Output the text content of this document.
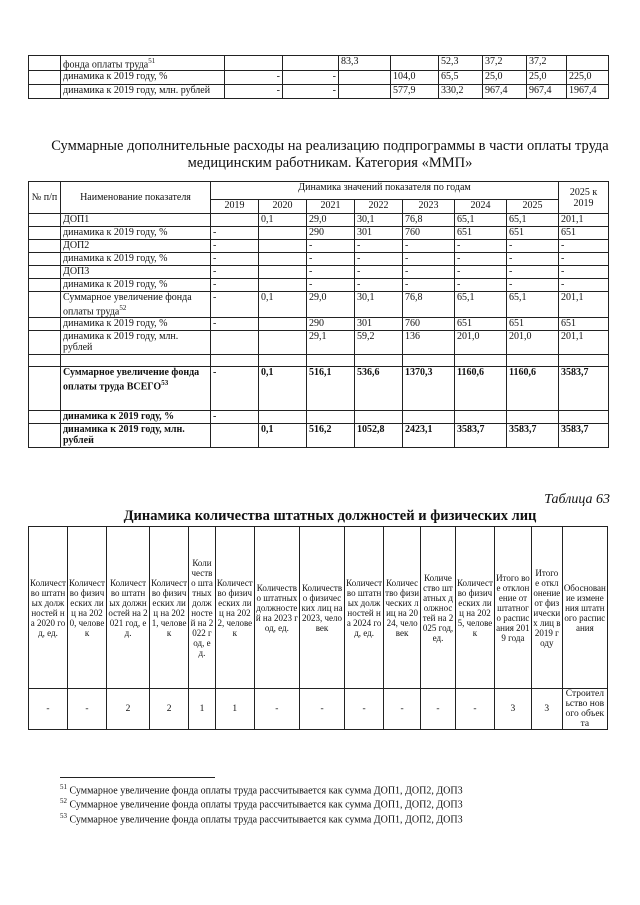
	фонда оплаты труда$^{51}$			83,3		52,3	37,2	37,2	
	динамика к 2019 году, %	-	-		104,0	65,5	25,0	25,0	225,0
	динамика к 2019 году, млн. рублей	-	-		577,9	330,2	967,4	967,4	1967,4
Суммарные дополнительные расходы на реализацию подпрограммы в части оплаты труда медицинским работникам. Категория «ММП»
№ п/п	Наименование показателя	Динамика значений показателя по годам							2025 к 2019
		2019	2020	2021	2022	2023	2024	2025	
	ДОП1		0,1	29,0	30,1	76,8	65,1	65,1	201,1
	динамика к 2019 году, %	-		290	301	760	651	651	651
	ДОП2	-		-	-	-	-	-	-
	динамика к 2019 году, %	-		-	-	-	-	-	-
	ДОП3	-		-	-	-	-	-	-
	динамика к 2019 году, %	-		-	-	-	-	-	-
	Суммарное увеличение фонда оплаты труда$^{52}$	-	0,1	29,0	30,1	76,8	65,1	65,1	201,1
	динамика к 2019 году, %	-		290	301	760	651	651	651
	динамика к 2019 году, млн. рублей			29,1	59,2	136	201,0	201,0	201,1

	Суммарное увеличение фонда оплаты труда ВСЕГО$^{53}$	-	0,1	516,1	536,6	1370,3	1160,6	1160,6	3583,7
	динамика к 2019 году, %	-							
	динамика к 2019 году, млн. рублей		0,1	516,2	1052,8	2423,1	3583,7	3583,7	3583,7
Таблица 63
Динамика количества штатных должностей и физических лиц
Количество штатных должностей на 2020 год, ед.	Количество физических лиц на 2020, человек	Количество штатных должностей на 2021 год, ед.	Количество физических лиц на 2021, человек	Количество штатных должностей на 2022 год, ед.	Количество физических лиц на 2022, человек	Количество штатных должностей на 2023 год, ед.	Количество физических лиц на 2023, человек	Количество штатных должностей на 2024 год, ед.	Количество физических лиц на 2024, человек	Количество штатных должностей на 2025 год, ед.	Количество физических лиц на 2025, человек	Итого вое отклонение от штатного расписания 2019 года	Итого е отклонение от физических лиц в 2019 году	Обоснование изменения штатного расписания
-	-	2	2	1	1	-	-	-	-	-	-	3	3	Строительство нового объекта
$^{51}$ Суммарное увеличение фонда оплаты труда рассчитывается как сумма ДОП1, ДОП2, ДОП3
$^{52}$ Суммарное увеличение фонда оплаты труда рассчитывается как сумма ДОП1, ДОП2, ДОП3
$^{53}$ Суммарное увеличение фонда оплаты труда рассчитывается как сумма ДОП1, ДОП2, ДОП3
